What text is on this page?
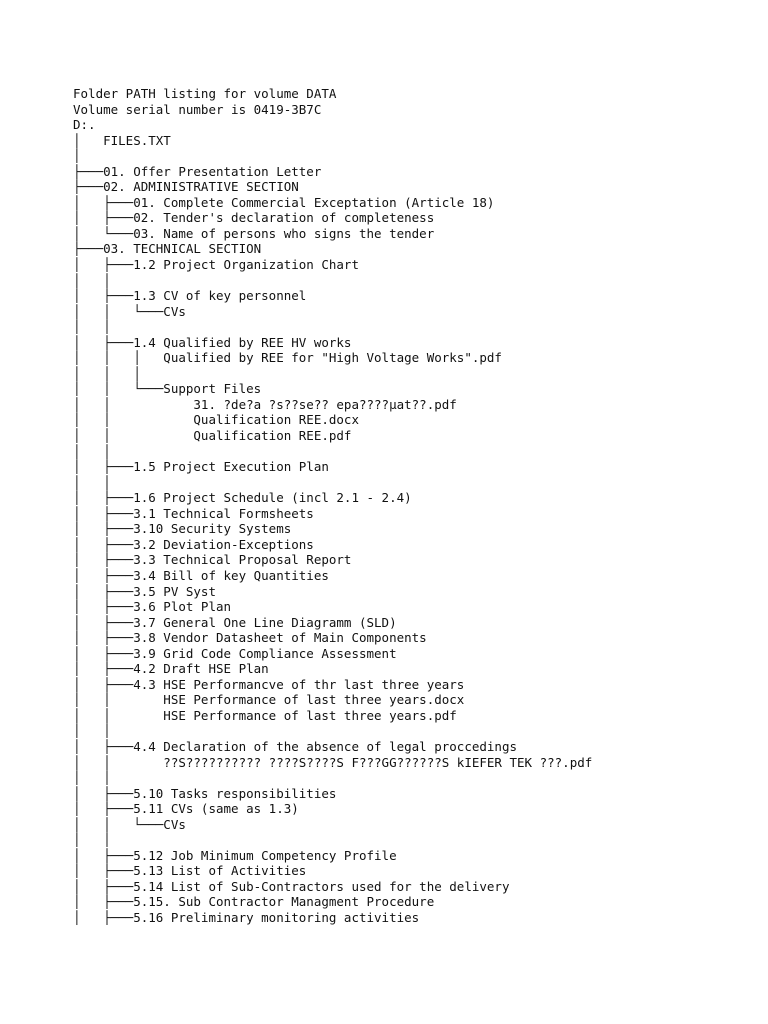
Folder PATH listing for volume DATA
Volume serial number is 0419-3B7C
D:.
│   FILES.TXT
│
├───01. Offer Presentation Letter
├───02. ADMINISTRATIVE SECTION
│   ├───01. Complete Commercial Exceptation (Article 18)
│   ├───02. Tender's declaration of completeness
│   └───03. Name of persons who signs the tender
├───03. TECHNICAL SECTION
│   ├───1.2 Project Organization Chart
│   │
│   ├───1.3 CV of key personnel
│   │   └───CVs
│   │
│   ├───1.4 Qualified by REE HV works
│   │   │   Qualified by REE for "High Voltage Works".pdf
│   │   │
│   │   └───Support Files
│   │           31. ?de?a ?s??se?? epa????µat??.pdf
│   │           Qualification REE.docx
│   │           Qualification REE.pdf
│   │
│   ├───1.5 Project Execution Plan
│   │
│   ├───1.6 Project Schedule (incl 2.1 - 2.4)
│   ├───3.1 Technical Formsheets
│   ├───3.10 Security Systems
│   ├───3.2 Deviation-Exceptions
│   ├───3.3 Technical Proposal Report
│   ├───3.4 Bill of key Quantities
│   ├───3.5 PV Syst
│   ├───3.6 Plot Plan
│   ├───3.7 General One Line Diagramm (SLD)
│   ├───3.8 Vendor Datasheet of Main Components
│   ├───3.9 Grid Code Compliance Assessment
│   ├───4.2 Draft HSE Plan
│   ├───4.3 HSE Performancve of thr last three years
│   │       HSE Performance of last three years.docx
│   │       HSE Performance of last three years.pdf
│   │
│   ├───4.4 Declaration of the absence of legal proccedings
│   │       ??S?????????? ????S????S F???GG??????S kIEFER TEK ???.pdf
│   │
│   ├───5.10 Tasks responsibilities
│   ├───5.11 CVs (same as 1.3)
│   │   └───CVs
│   │
│   ├───5.12 Job Minimum Competency Profile
│   ├───5.13 List of Activities
│   ├───5.14 List of Sub-Contractors used for the delivery
│   ├───5.15. Sub Contractor Managment Procedure
│   ├───5.16 Preliminary monitoring activities
